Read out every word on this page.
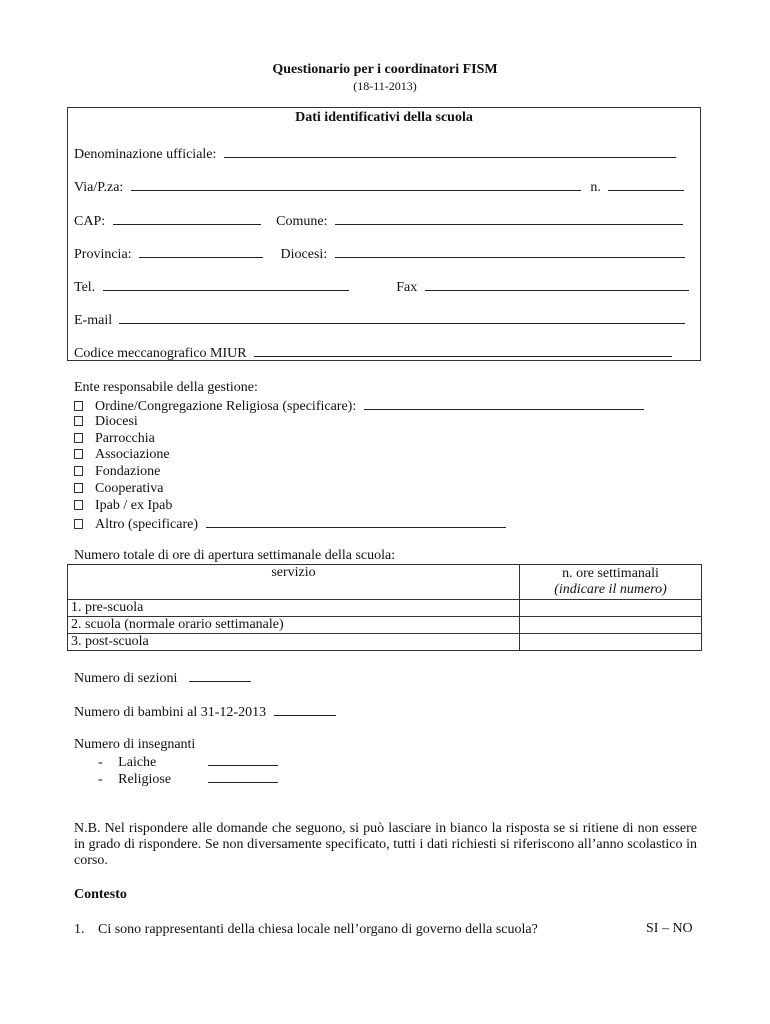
Questionario per i coordinatori FISM
(18-11-2013)
Dati identificativi della scuola
Denominazione ufficiale:
Via/P.za:	n.
CAP:	Comune:
Provincia:	Diocesi:
Tel.	Fax
E-mail
Codice meccanografico MIUR
Ente responsabile della gestione:
Ordine/Congregazione Religiosa (specificare):
Diocesi
Parrocchia
Associazione
Fondazione
Cooperativa
Ipab / ex Ipab
Altro (specificare)
Numero totale di ore di apertura settimanale della scuola:
servizio	n. ore settimanali
(indicare il numero)

1. pre-scuola	
2. scuola (normale orario settimanale)	
3. post-scuola	
Numero di sezioni
Numero di bambini al 31-12-2013
Numero di insegnanti
- Laiche
- Religiose
N.B. Nel rispondere alle domande che seguono, si può lasciare in bianco la risposta se si ritiene di non essere in grado di rispondere. Se non diversamente specificato, tutti i dati richiesti si riferiscono all’anno scolastico in corso.
Contesto
1. Ci sono rappresentanti della chiesa locale nell’organo di governo della scuola?	SI – NO
